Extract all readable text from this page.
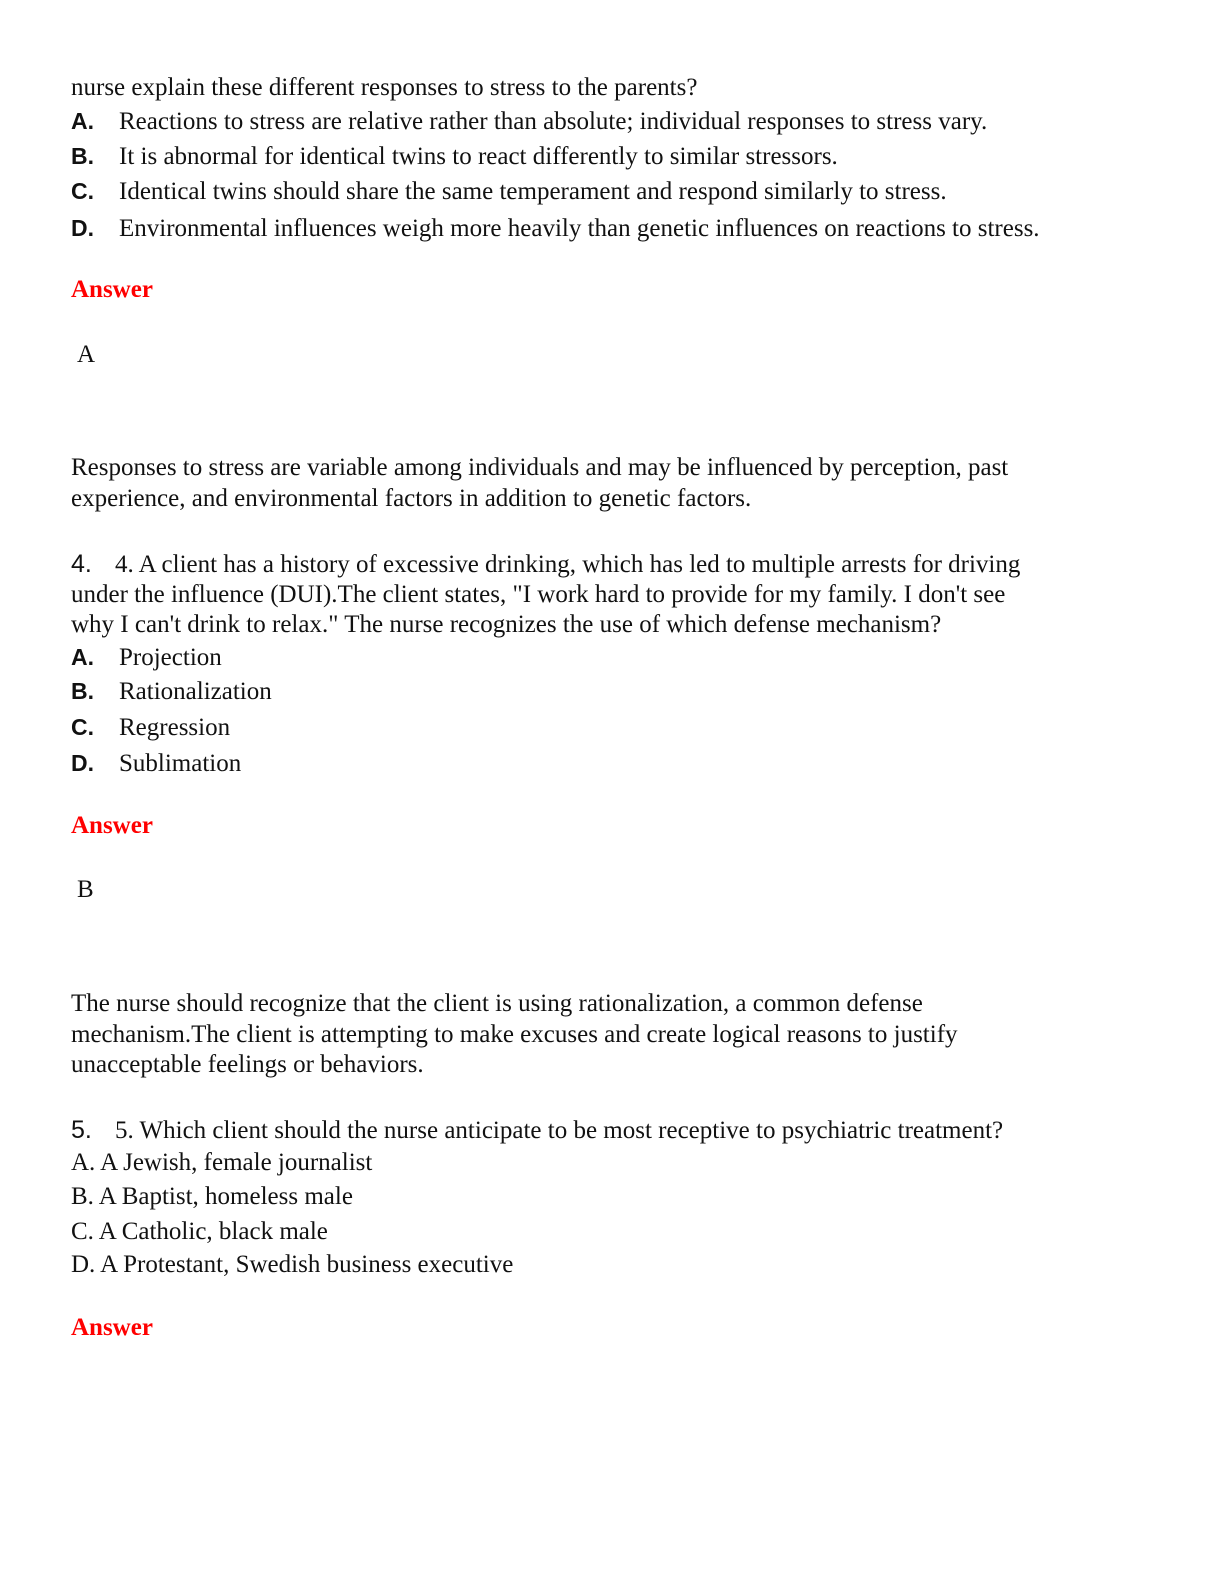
nurse explain these different responses to stress to the parents?
A. Reactions to stress are relative rather than absolute; individual responses to stress vary.
B. It is abnormal for identical twins to react differently to similar stressors.
C. Identical twins should share the same temperament and respond similarly to stress.
D. Environmental influences weigh more heavily than genetic influences on reactions to stress.
Answer
A
Responses to stress are variable among individuals and may be influenced by perception, past
experience, and environmental factors in addition to genetic factors.
4. 4. A client has a history of excessive drinking, which has led to multiple arrests for driving
under the influence (DUI).The client states, "I work hard to provide for my family. I don't see
why I can't drink to relax." The nurse recognizes the use of which defense mechanism?
A. Projection
B. Rationalization
C. Regression
D. Sublimation
Answer
B
The nurse should recognize that the client is using rationalization, a common defense
mechanism.The client is attempting to make excuses and create logical reasons to justify
unacceptable feelings or behaviors.
5. 5. Which client should the nurse anticipate to be most receptive to psychiatric treatment?
A. A Jewish, female journalist
B. A Baptist, homeless male
C. A Catholic, black male
D. A Protestant, Swedish business executive
Answer
